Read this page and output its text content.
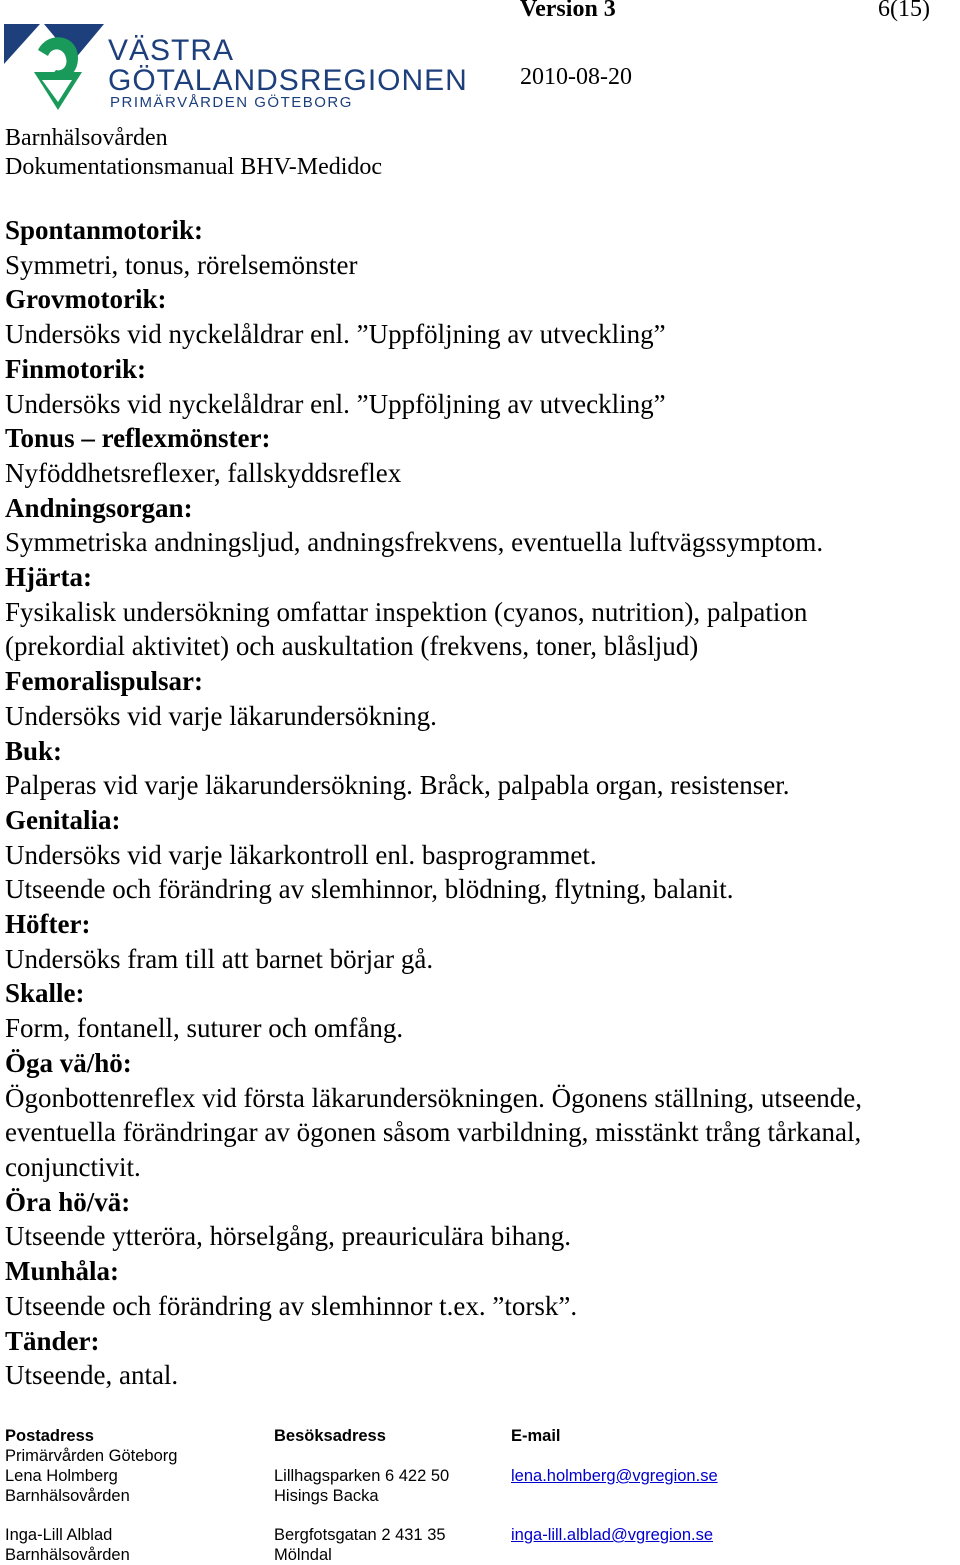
VÄSTRA
GÖTALANDSREGIONEN
PRIMÄRVÅRDEN GÖTEBORG
Version 3	6(15)
2010-08-20
Barnhälsovården
Dokumentationsmanual BHV-Medidoc

Spontanmotorik:

Symmetri, tonus, rörelsemönster

Grovmotorik:

Undersöks vid nyckelåldrar enl. ”Uppföljning av utveckling”

Finmotorik:

Undersöks vid nyckelåldrar enl. ”Uppföljning av utveckling”

Tonus – reflexmönster:

Nyföddhetsreflexer, fallskyddsreflex

Andningsorgan:

Symmetriska andningsljud, andningsfrekvens, eventuella luftvägssymptom.

Hjärta:

Fysikalisk undersökning omfattar inspektion (cyanos, nutrition), palpation

(prekordial aktivitet) och auskultation (frekvens, toner, blåsljud)

Femoralispulsar:

Undersöks vid varje läkarundersökning.

Buk:

Palperas vid varje läkarundersökning. Bråck, palpabla organ, resistenser.

Genitalia:

Undersöks vid varje läkarkontroll enl. basprogrammet.

Utseende och förändring av slemhinnor, blödning, flytning, balanit.

Höfter:

Undersöks fram till att barnet börjar gå.

Skalle:

Form, fontanell, suturer och omfång.

Öga vä/hö:

Ögonbottenreflex vid första läkarundersökningen. Ögonens ställning, utseende,

eventuella förändringar av ögonen såsom varbildning, misstänkt trång tårkanal,

conjunctivit.

Öra hö/vä:

Utseende ytteröra, hörselgång, preauriculära bihang.

Munhåla:

Utseende och förändring av slemhinnor t.ex. ”torsk”.

Tänder:

Utseende, antal.

Postadress
Primärvården Göteborg
Lena Holmberg
Barnhälsovården
Inga-Lill Alblad
Barnhälsovården
Besöksadress
Lillhagsparken 6 422 50
Hisings Backa
Bergfotsgatan 2 431 35
Mölndal
E-mail
lena.holmberg@vgregion.se
inga-lill.alblad@vgregion.se
